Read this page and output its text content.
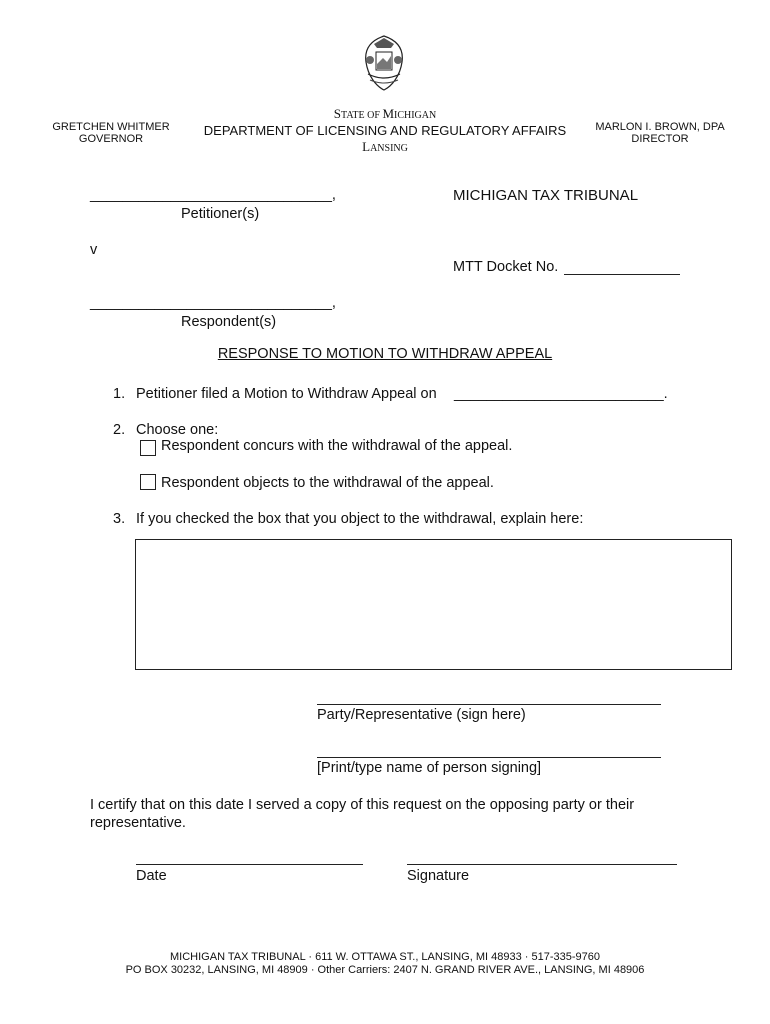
GRETCHEN WHITMER
GOVERNOR
STATE OF MICHIGAN
DEPARTMENT OF LICENSING AND REGULATORY AFFAIRS
LANSING
MARLON I. BROWN, DPA
DIRECTOR
______________________________,
Petitioner(s)
v
______________________________,
Respondent(s)
MICHIGAN TAX TRIBUNAL
MTT Docket No.
RESPONSE TO MOTION TO WITHDRAW APPEAL
1. Petitioner filed a Motion to Withdraw Appeal on __________________________.
2. Choose one:
Respondent concurs with the withdrawal of the appeal.
Respondent objects to the withdrawal of the appeal.
3. If you checked the box that you object to the withdrawal, explain here:
Party/Representative (sign here)
[Print/type name of person signing]
I certify that on this date I served a copy of this request on the opposing party or their
representative.
Date	Signature
MICHIGAN TAX TRIBUNAL · 611 W. OTTAWA ST., LANSING, MI 48933 · 517-335-9760
PO BOX 30232, LANSING, MI 48909 · Other Carriers: 2407 N. GRAND RIVER AVE., LANSING, MI 48906
